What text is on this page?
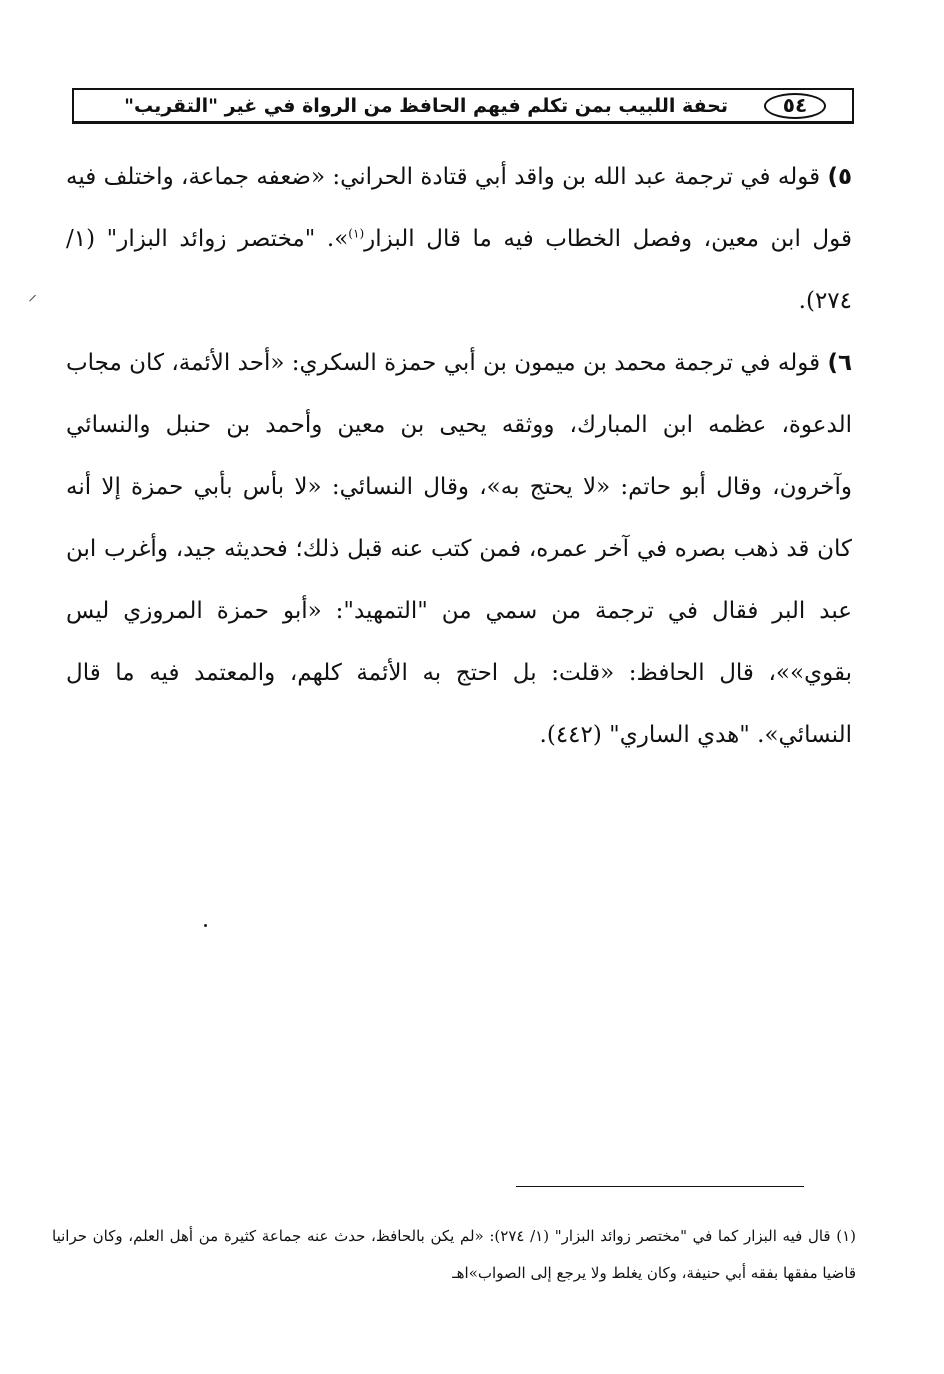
٥٤
تحفة اللبيب بمن تكلم فيهم الحافظ من الرواة في غير "التقريب"

٥) قوله في ترجمة عبد الله بن واقد أبي قتادة الحراني: «ضعفه جماعة، واختلف فيه قول ابن معين، وفصل الخطاب فيه ما قال البزار$^{(١)}$». "مختصر زوائد البزار" (١/ ٢٧٤).

٦) قوله في ترجمة محمد بن ميمون بن أبي حمزة السكري: «أحد الأئمة، كان مجاب الدعوة، عظمه ابن المبارك، ووثقه يحيى بن معين وأحمد بن حنبل والنسائي وآخرون، وقال أبو حاتم: «لا يحتج به»، وقال النسائي: «لا بأس بأبي حمزة إلا أنه كان قد ذهب بصره في آخر عمره، فمن كتب عنه قبل ذلك؛ فحديثه جيد، وأغرب ابن عبد البر فقال في ترجمة من سمي من "التمهيد": «أبو حمزة المروزي ليس بقوي»»، قال الحافظ: «قلت: بل احتج به الأئمة كلهم، والمعتمد فيه ما قال النسائي». "هدي الساري" (٤٤٢).

⸝

(١) قال فيه البزار كما في "مختصر زوائد البزار" (١/ ٢٧٤): «لم يكن بالحافظ، حدث عنه جماعة كثيرة من أهل العلم، وكان حرانيا قاضيا مفقها بفقه أبي حنيفة، وكان يغلط ولا يرجع إلى الصواب»اهـ
